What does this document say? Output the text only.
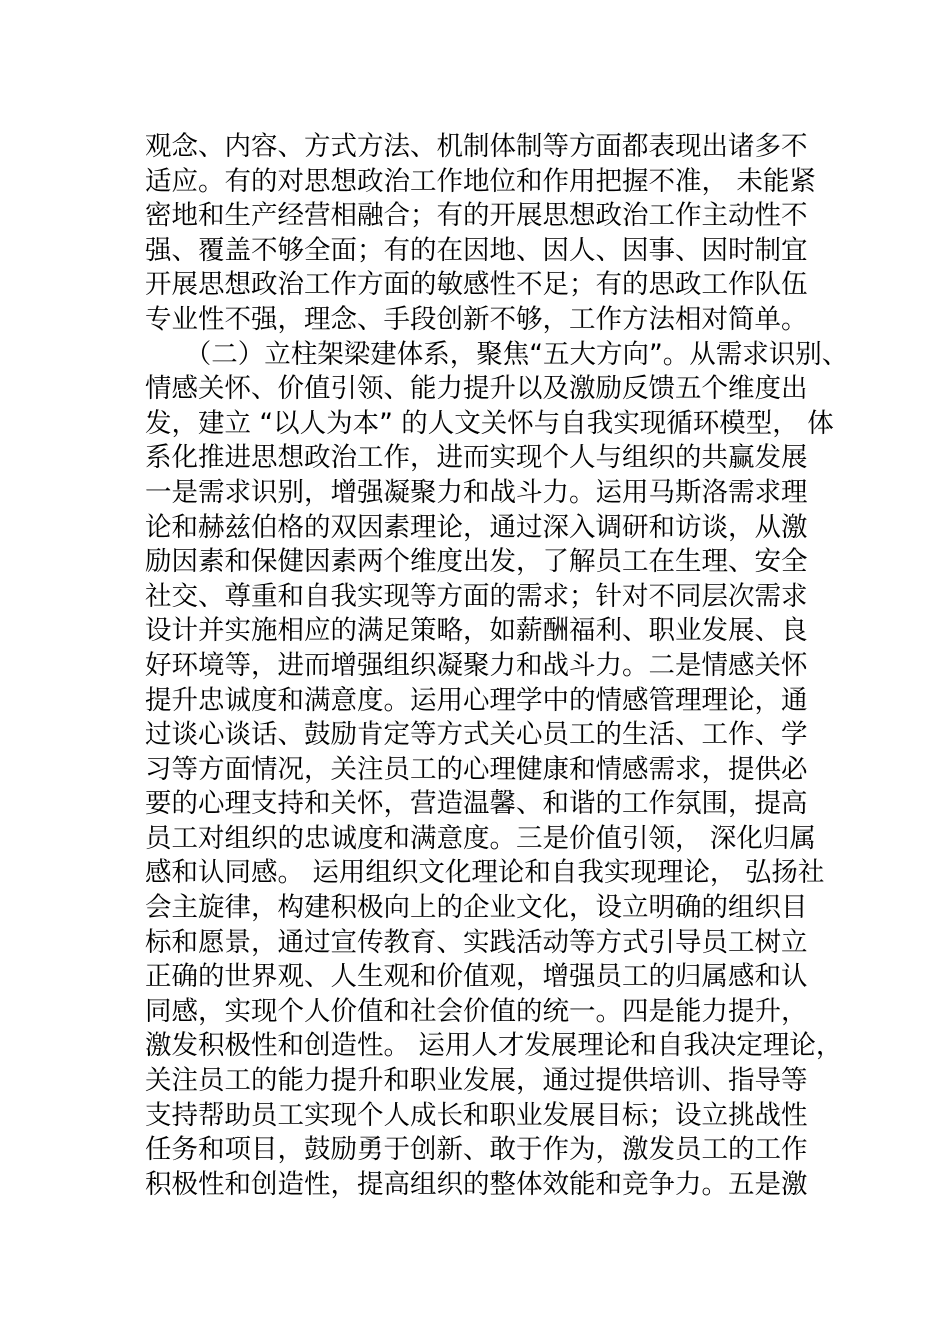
观念、内容、方式方法、机制体制等方面都表现出诸多不
适应。有的对思想政治工作地位和作用把握不准， 未能紧
密地和生产经营相融合；有的开展思想政治工作主动性不
强、覆盖不够全面；有的在因地、因人、因事、因时制宜
开展思想政治工作方面的敏感性不足；有的思政工作队伍
专业性不强，理念、手段创新不够，工作方法相对简单。
　　（二）立柱架梁建体系，聚焦“五大方向”。从需求识别、
情感关怀、价值引领、能力提升以及激励反馈五个维度出
发，建立 “以人为本” 的人文关怀与自我实现循环模型， 体
系化推进思想政治工作，进而实现个人与组织的共赢发展
一是需求识别，增强凝聚力和战斗力。运用马斯洛需求理
论和赫兹伯格的双因素理论，通过深入调研和访谈，从激
励因素和保健因素两个维度出发，了解员工在生理、安全
社交、尊重和自我实现等方面的需求；针对不同层次需求
设计并实施相应的满足策略，如薪酬福利、职业发展、良
好环境等，进而增强组织凝聚力和战斗力。二是情感关怀
提升忠诚度和满意度。运用心理学中的情感管理理论，通
过谈心谈话、鼓励肯定等方式关心员工的生活、工作、学
习等方面情况，关注员工的心理健康和情感需求，提供必
要的心理支持和关怀，营造温馨、和谐的工作氛围，提高
员工对组织的忠诚度和满意度。三是价值引领， 深化归属
感和认同感。 运用组织文化理论和自我实现理论， 弘扬社
会主旋律，构建积极向上的企业文化，设立明确的组织目
标和愿景，通过宣传教育、实践活动等方式引导员工树立
正确的世界观、人生观和价值观，增强员工的归属感和认
同感，实现个人价值和社会价值的统一。四是能力提升，
激发积极性和创造性。 运用人才发展理论和自我决定理论，
关注员工的能力提升和职业发展，通过提供培训、指导等
支持帮助员工实现个人成长和职业发展目标；设立挑战性
任务和项目，鼓励勇于创新、敢于作为，激发员工的工作
积极性和创造性，提高组织的整体效能和竞争力。五是激
